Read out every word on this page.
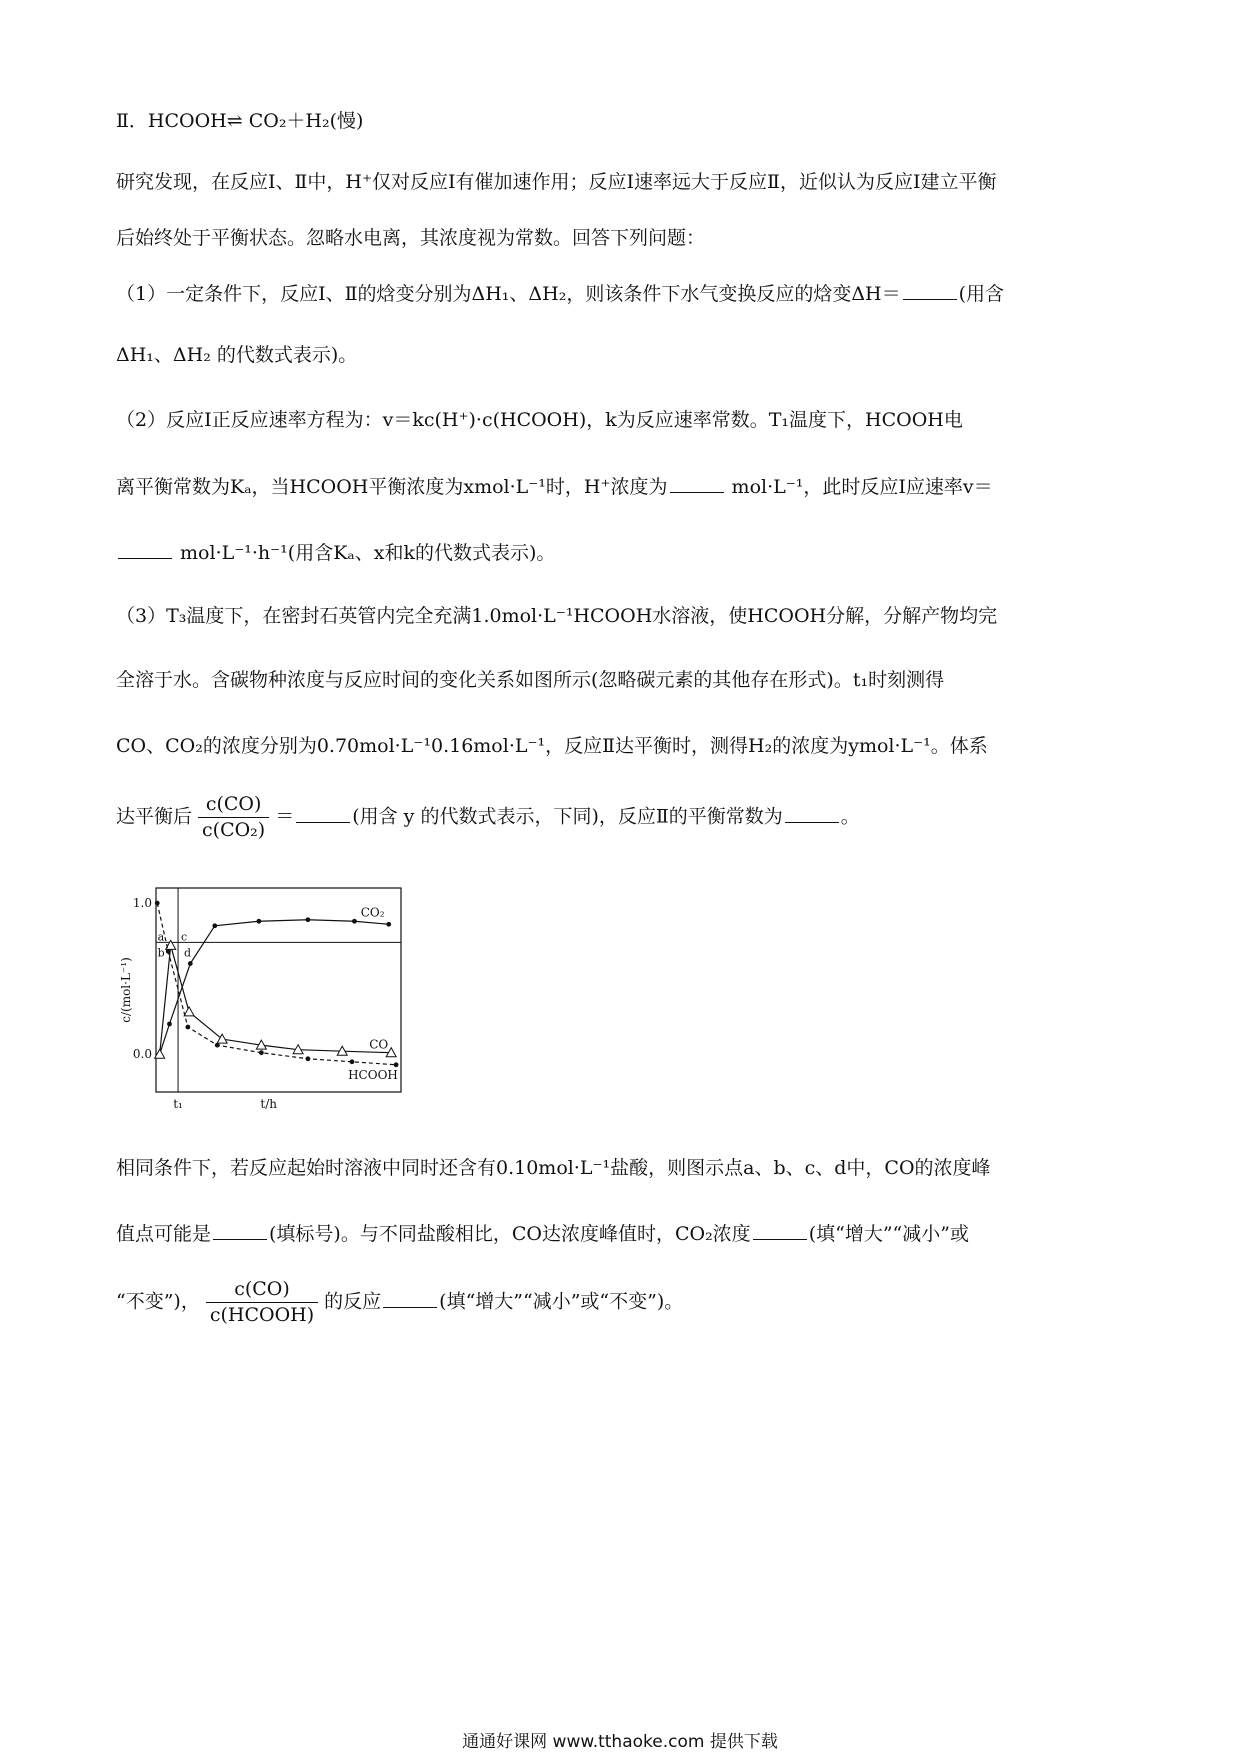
Ⅱ．HCOOH⇌ CO₂＋H₂(慢)
研究发现，在反应Ⅰ、Ⅱ中，H⁺仅对反应Ⅰ有催加速作用；反应Ⅰ速率远大于反应Ⅱ，近似认为反应Ⅰ建立平衡
后始终处于平衡状态。忽略水电离，其浓度视为常数。回答下列问题：
（1）一定条件下，反应Ⅰ、Ⅱ的焓变分别为ΔH₁、ΔH₂，则该条件下水气变换反应的焓变ΔH＝	(用含
ΔH₁、ΔH₂ 的代数式表示)。
（2）反应Ⅰ正反应速率方程为：v＝kc(H⁺)·c(HCOOH)，k为反应速率常数。T₁温度下，HCOOH电
离平衡常数为Kₐ，当HCOOH平衡浓度为xmol·L⁻¹时，H⁺浓度为	mol·L⁻¹，此时反应Ⅰ应速率v＝
mol·L⁻¹·h⁻¹(用含Kₐ、x和k的代数式表示)。
（3）T₃温度下，在密封石英管内完全充满1.0mol·L⁻¹HCOOH水溶液，使HCOOH分解，分解产物均完
全溶于水。含碳物种浓度与反应时间的变化关系如图所示(忽略碳元素的其他存在形式)。t₁时刻测得
CO、CO₂的浓度分别为0.70mol·L⁻¹0.16mol·L⁻¹，反应Ⅱ达平衡时，测得H₂的浓度为ymol·L⁻¹。体系
达平衡后 $\frac{c(CO)}{\text{c(CO₂)}}$ ＝	(用含 y 的代数式表示，下同)，反应Ⅱ的平衡常数为	。
1.0
0.0
c/(mol·L⁻¹)
t₁	t/h
CO₂
CO
HCOOH
a
b
c
d
相同条件下，若反应起始时溶液中同时还含有0.10mol·L⁻¹盐酸，则图示点a、b、c、d中，CO的浓度峰
值点可能是	(填标号)。与不同盐酸相比，CO达浓度峰值时，CO₂浓度	(填“增大”“减小”或
“不变”)， $\frac{c(CO)}{\text{c(HCOOH)}}$ 的反应	(填“增大”“减小”或“不变”)。
通通好课网 www.tthaoke.com 提供下载
